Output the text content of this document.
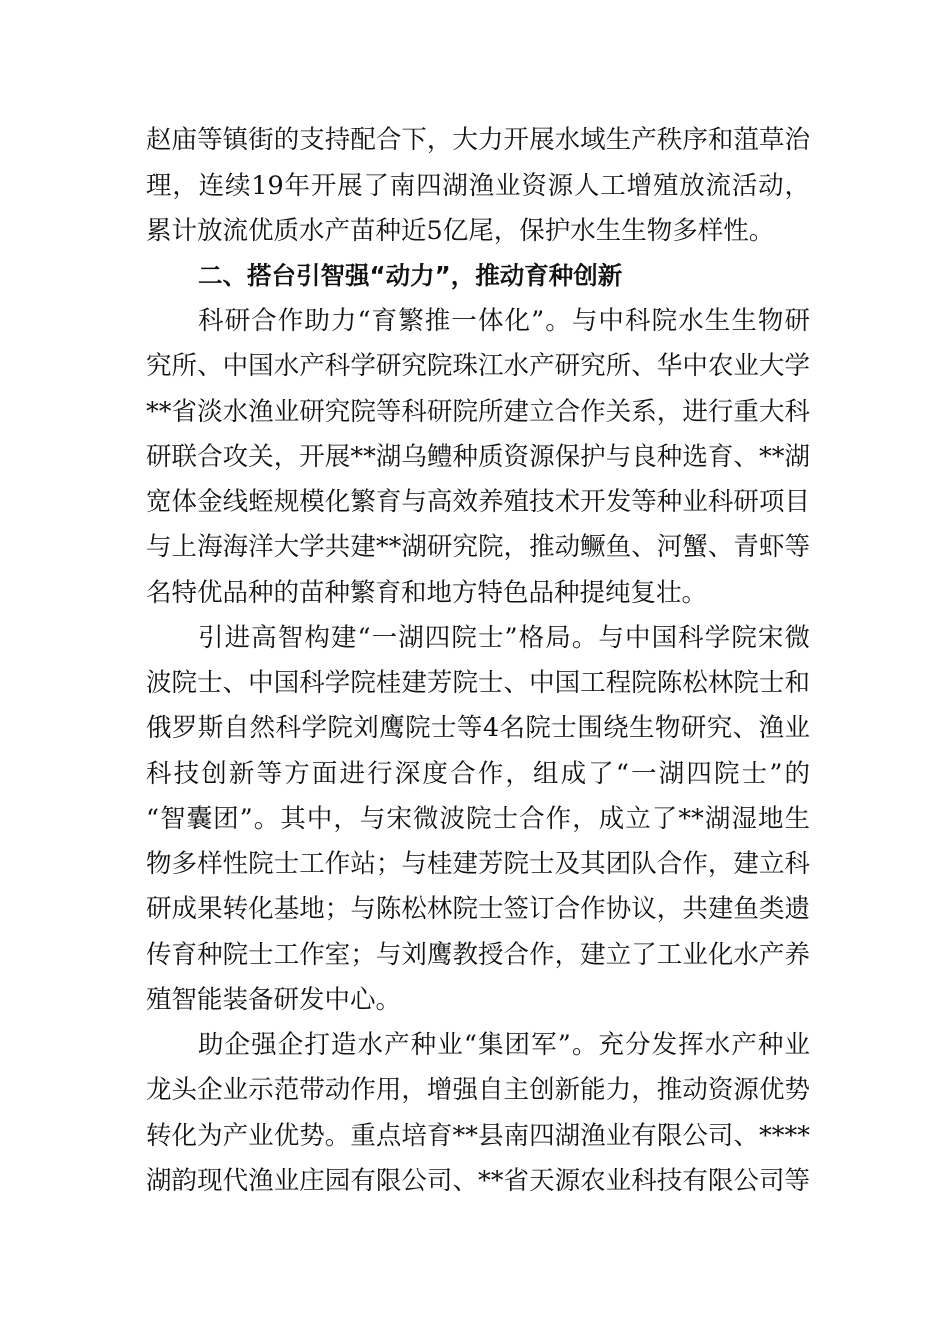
赵庙等镇街的支持配合下，大力开展水域生产秩序和菹草治
理，连续19年开展了南四湖渔业资源人工增殖放流活动，
累计放流优质水产苗种近5亿尾，保护水生生物多样性。
二、搭台引智强“动力”，推动育种创新
科研合作助力“育繁推一体化”。与中科院水生生物研
究所、中国水产科学研究院珠江水产研究所、华中农业大学
**省淡水渔业研究院等科研院所建立合作关系，进行重大科
研联合攻关，开展**湖乌鳢种质资源保护与良种选育、**湖
宽体金线蛭规模化繁育与高效养殖技术开发等种业科研项目
与上海海洋大学共建**湖研究院，推动鳜鱼、河蟹、青虾等
名特优品种的苗种繁育和地方特色品种提纯复壮。
引进高智构建“一湖四院士”格局。与中国科学院宋微
波院士、中国科学院桂建芳院士、中国工程院陈松林院士和
俄罗斯自然科学院刘鹰院士等4名院士围绕生物研究、渔业
科技创新等方面进行深度合作，组成了“一湖四院士”的
“智囊团”。其中，与宋微波院士合作，成立了**湖湿地生
物多样性院士工作站；与桂建芳院士及其团队合作，建立科
研成果转化基地；与陈松林院士签订合作协议，共建鱼类遗
传育种院士工作室；与刘鹰教授合作，建立了工业化水产养
殖智能装备研发中心。
助企强企打造水产种业“集团军”。充分发挥水产种业
龙头企业示范带动作用，增强自主创新能力，推动资源优势
转化为产业优势。重点培育**县南四湖渔业有限公司、****
湖韵现代渔业庄园有限公司、**省天源农业科技有限公司等
